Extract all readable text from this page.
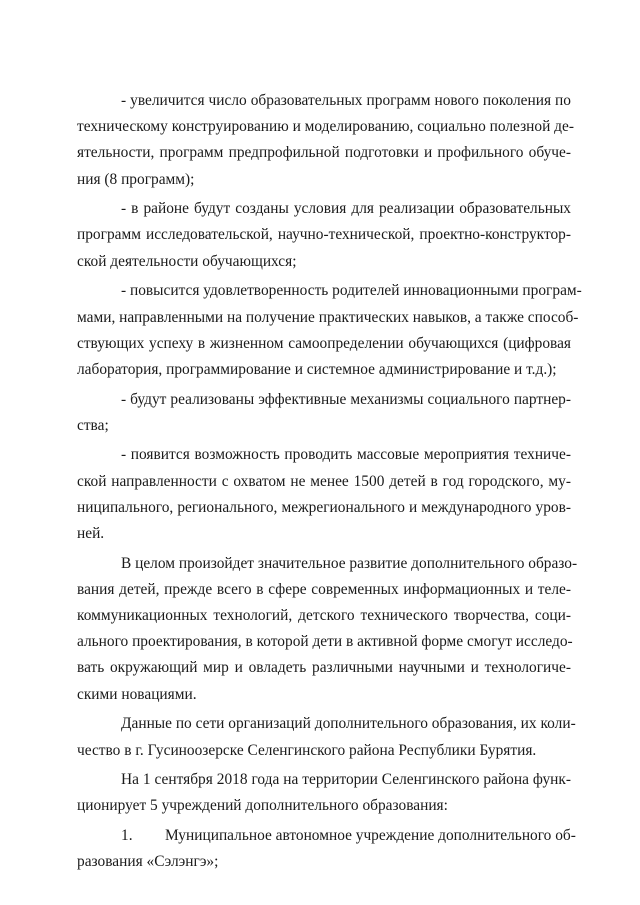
- увеличится число образовательных программ нового поколения по
техническому конструированию и моделированию, социально полезной де-
ятельности, программ предпрофильной подготовки и профильного обуче-
ния (8 программ);
- в районе будут созданы условия для реализации образовательных
программ исследовательской, научно-технической, проектно-конструктор-
ской деятельности обучающихся;
- повысится удовлетворенность родителей инновационными програм-
мами, направленными на получение практических навыков, а также способ-
ствующих успеху в жизненном самоопределении обучающихся (цифровая
лаборатория, программирование и системное администрирование и т.д.);
- будут реализованы эффективные механизмы социального партнер-
ства;
- появится возможность проводить массовые мероприятия техниче-
ской направленности с охватом не менее 1500 детей в год городского, му-
ниципального, регионального, межрегионального и международного уров-
ней.
В целом произойдет значительное развитие дополнительного образо-
вания детей, прежде всего в сфере современных информационных и теле-
коммуникационных технологий, детского технического творчества, соци-
ального проектирования, в которой дети в активной форме смогут исследо-
вать окружающий мир и овладеть различными научными и технологиче-
скими новациями.
Данные по сети организаций дополнительного образования, их коли-
чество в г. Гусиноозерске Селенгинского района Республики Бурятия.
На 1 сентября 2018 года на территории Селенгинского района функ-
ционирует 5 учреждений дополнительного образования:
1. Муниципальное автономное учреждение дополнительного об-
разования «Сэлэнгэ»;
